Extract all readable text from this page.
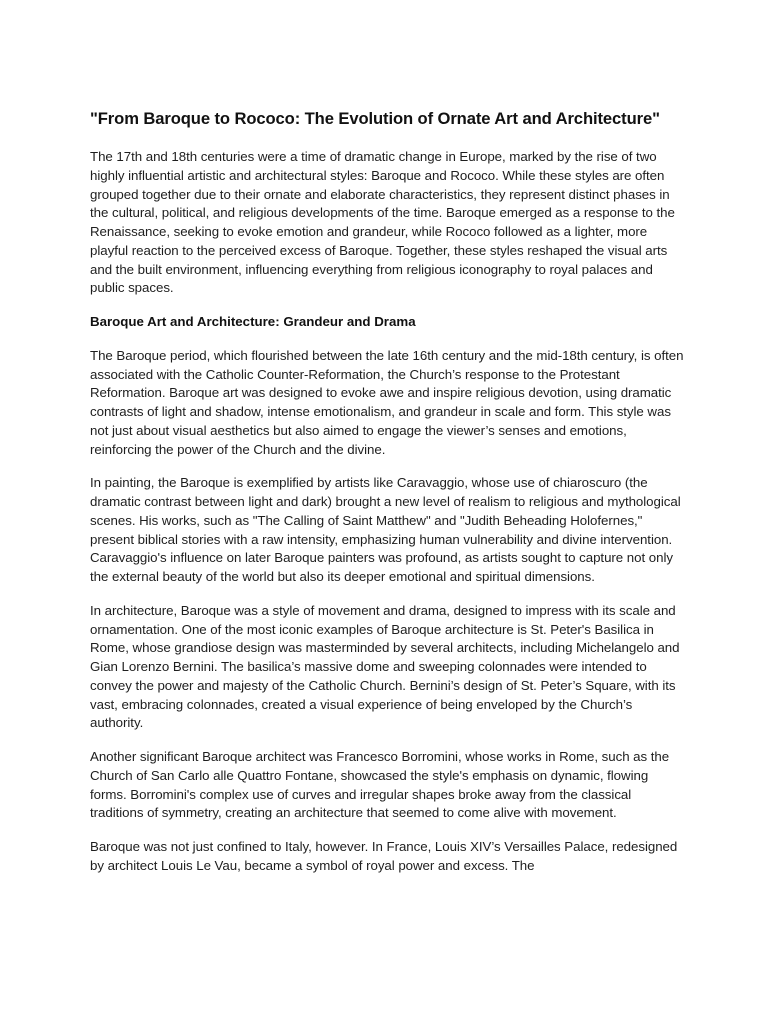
"From Baroque to Rococo: The Evolution of Ornate Art and Architecture"

The 17th and 18th centuries were a time of dramatic change in Europe, marked by the rise of two highly influential artistic and architectural styles: Baroque and Rococo. While these styles are often grouped together due to their ornate and elaborate characteristics, they represent distinct phases in the cultural, political, and religious developments of the time. Baroque emerged as a response to the Renaissance, seeking to evoke emotion and grandeur, while Rococo followed as a lighter, more playful reaction to the perceived excess of Baroque. Together, these styles reshaped the visual arts and the built environment, influencing everything from religious iconography to royal palaces and public spaces.

Baroque Art and Architecture: Grandeur and Drama

The Baroque period, which flourished between the late 16th century and the mid-18th century, is often associated with the Catholic Counter-Reformation, the Church’s response to the Protestant Reformation. Baroque art was designed to evoke awe and inspire religious devotion, using dramatic contrasts of light and shadow, intense emotionalism, and grandeur in scale and form. This style was not just about visual aesthetics but also aimed to engage the viewer’s senses and emotions, reinforcing the power of the Church and the divine.

In painting, the Baroque is exemplified by artists like Caravaggio, whose use of chiaroscuro (the dramatic contrast between light and dark) brought a new level of realism to religious and mythological scenes. His works, such as "The Calling of Saint Matthew" and "Judith Beheading Holofernes," present biblical stories with a raw intensity, emphasizing human vulnerability and divine intervention. Caravaggio's influence on later Baroque painters was profound, as artists sought to capture not only the external beauty of the world but also its deeper emotional and spiritual dimensions.

In architecture, Baroque was a style of movement and drama, designed to impress with its scale and ornamentation. One of the most iconic examples of Baroque architecture is St. Peter's Basilica in Rome, whose grandiose design was masterminded by several architects, including Michelangelo and Gian Lorenzo Bernini. The basilica’s massive dome and sweeping colonnades were intended to convey the power and majesty of the Catholic Church. Bernini’s design of St. Peter’s Square, with its vast, embracing colonnades, created a visual experience of being enveloped by the Church’s authority.

Another significant Baroque architect was Francesco Borromini, whose works in Rome, such as the Church of San Carlo alle Quattro Fontane, showcased the style's emphasis on dynamic, flowing forms. Borromini's complex use of curves and irregular shapes broke away from the classical traditions of symmetry, creating an architecture that seemed to come alive with movement.

Baroque was not just confined to Italy, however. In France, Louis XIV’s Versailles Palace, redesigned by architect Louis Le Vau, became a symbol of royal power and excess. The
